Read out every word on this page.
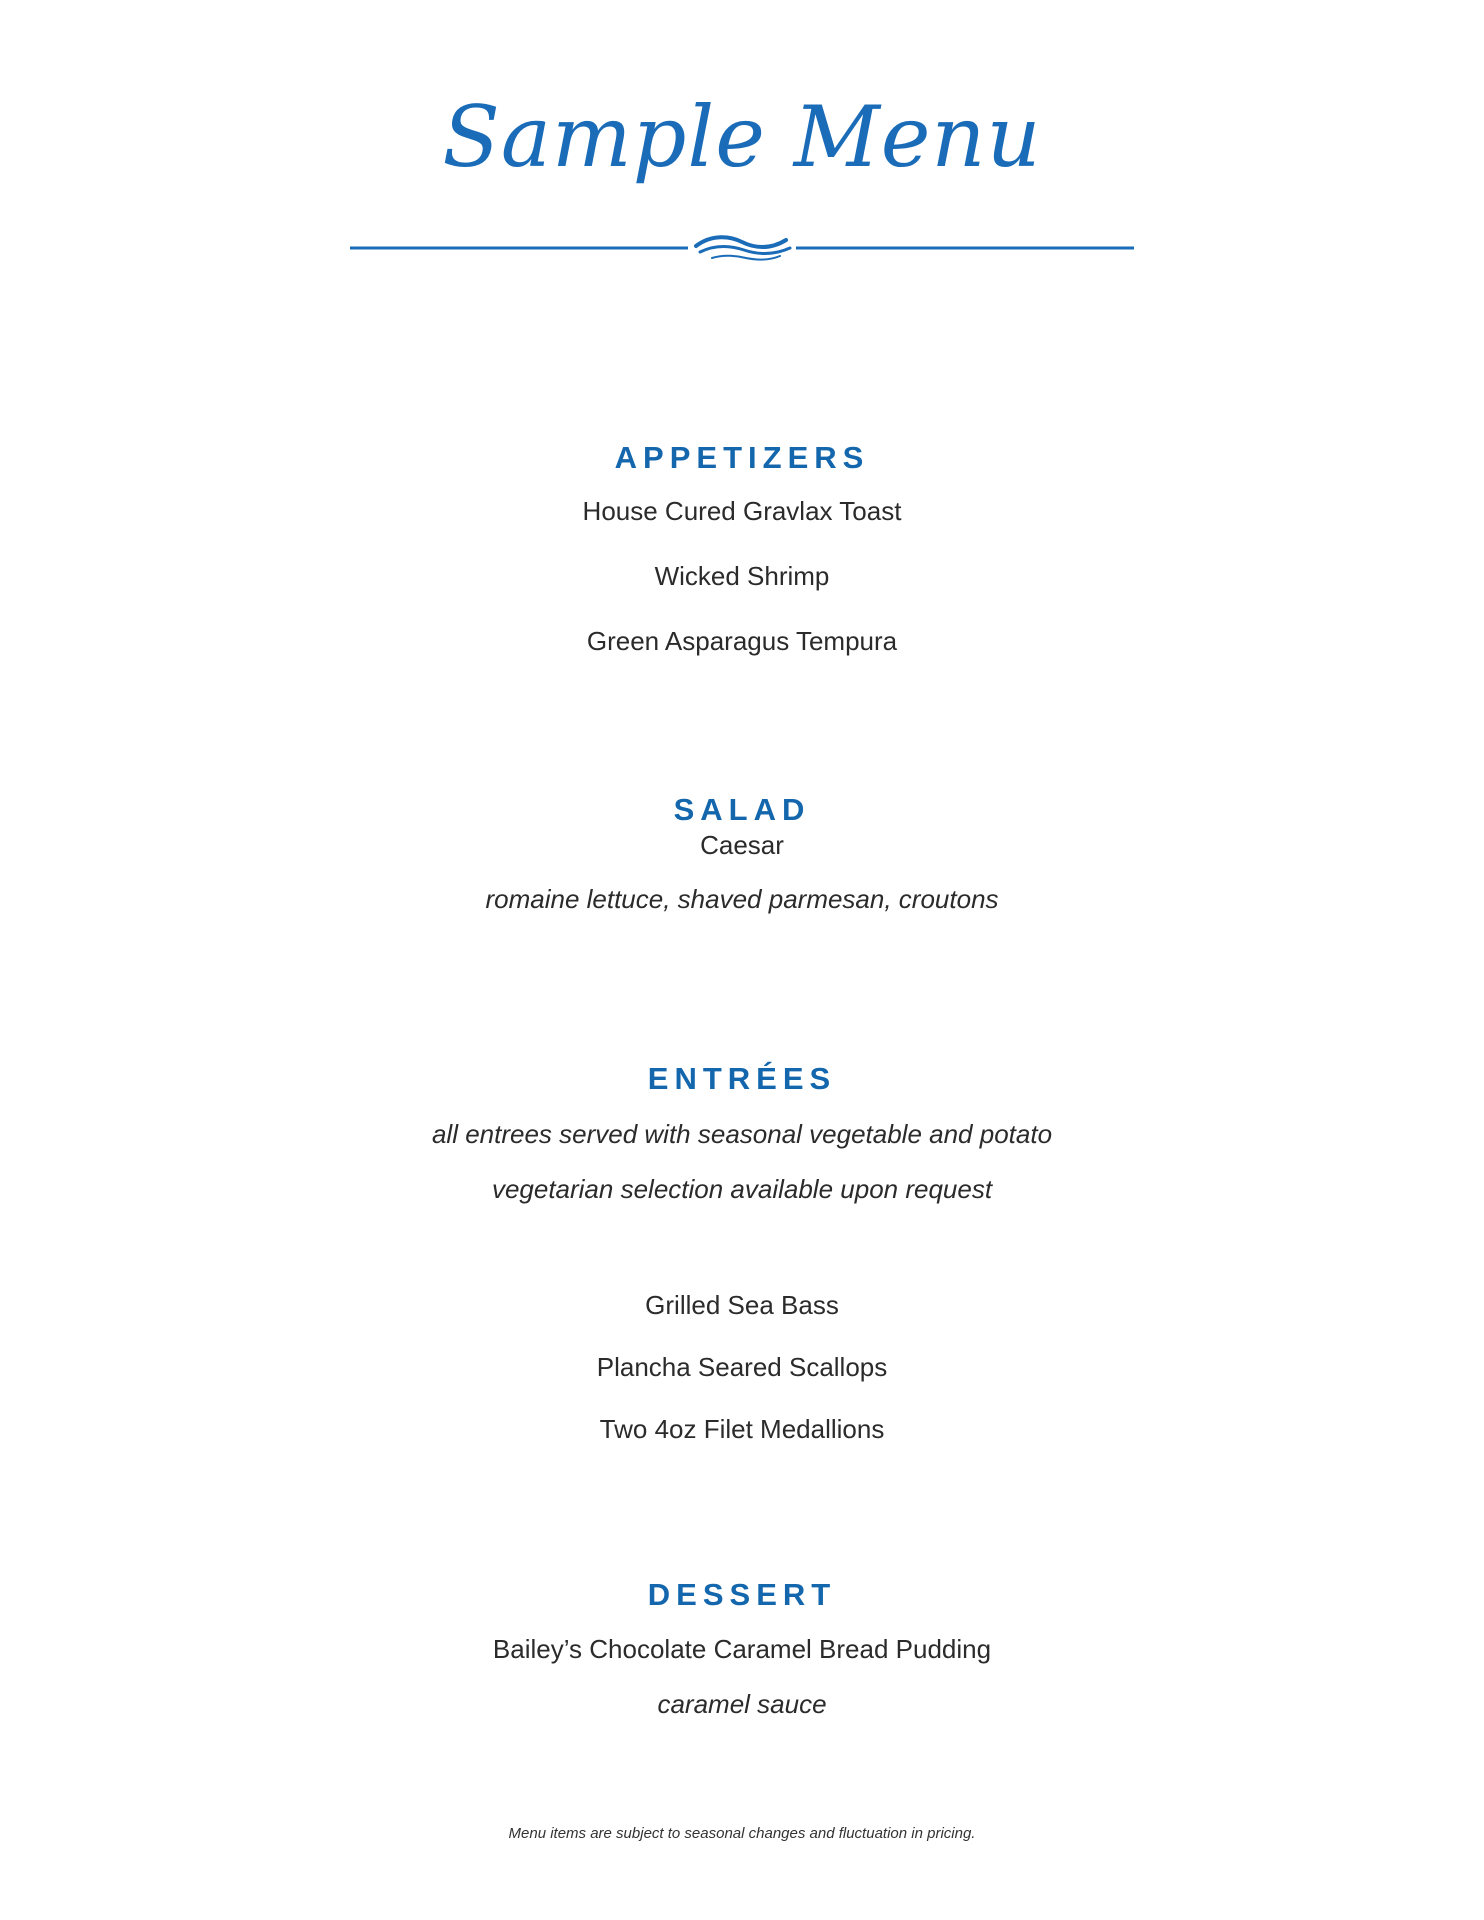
Sample Menu
APPETIZERS
House Cured Gravlax Toast
Wicked Shrimp
Green Asparagus Tempura
SALAD
Caesar
romaine lettuce, shaved parmesan, croutons
ENTRÉES
all entrees served with seasonal vegetable and potato
vegetarian selection available upon request
Grilled Sea Bass
Plancha Seared Scallops
Two 4oz Filet Medallions
DESSERT
Bailey’s Chocolate Caramel Bread Pudding
caramel sauce
Menu items are subject to seasonal changes and fluctuation in pricing.
